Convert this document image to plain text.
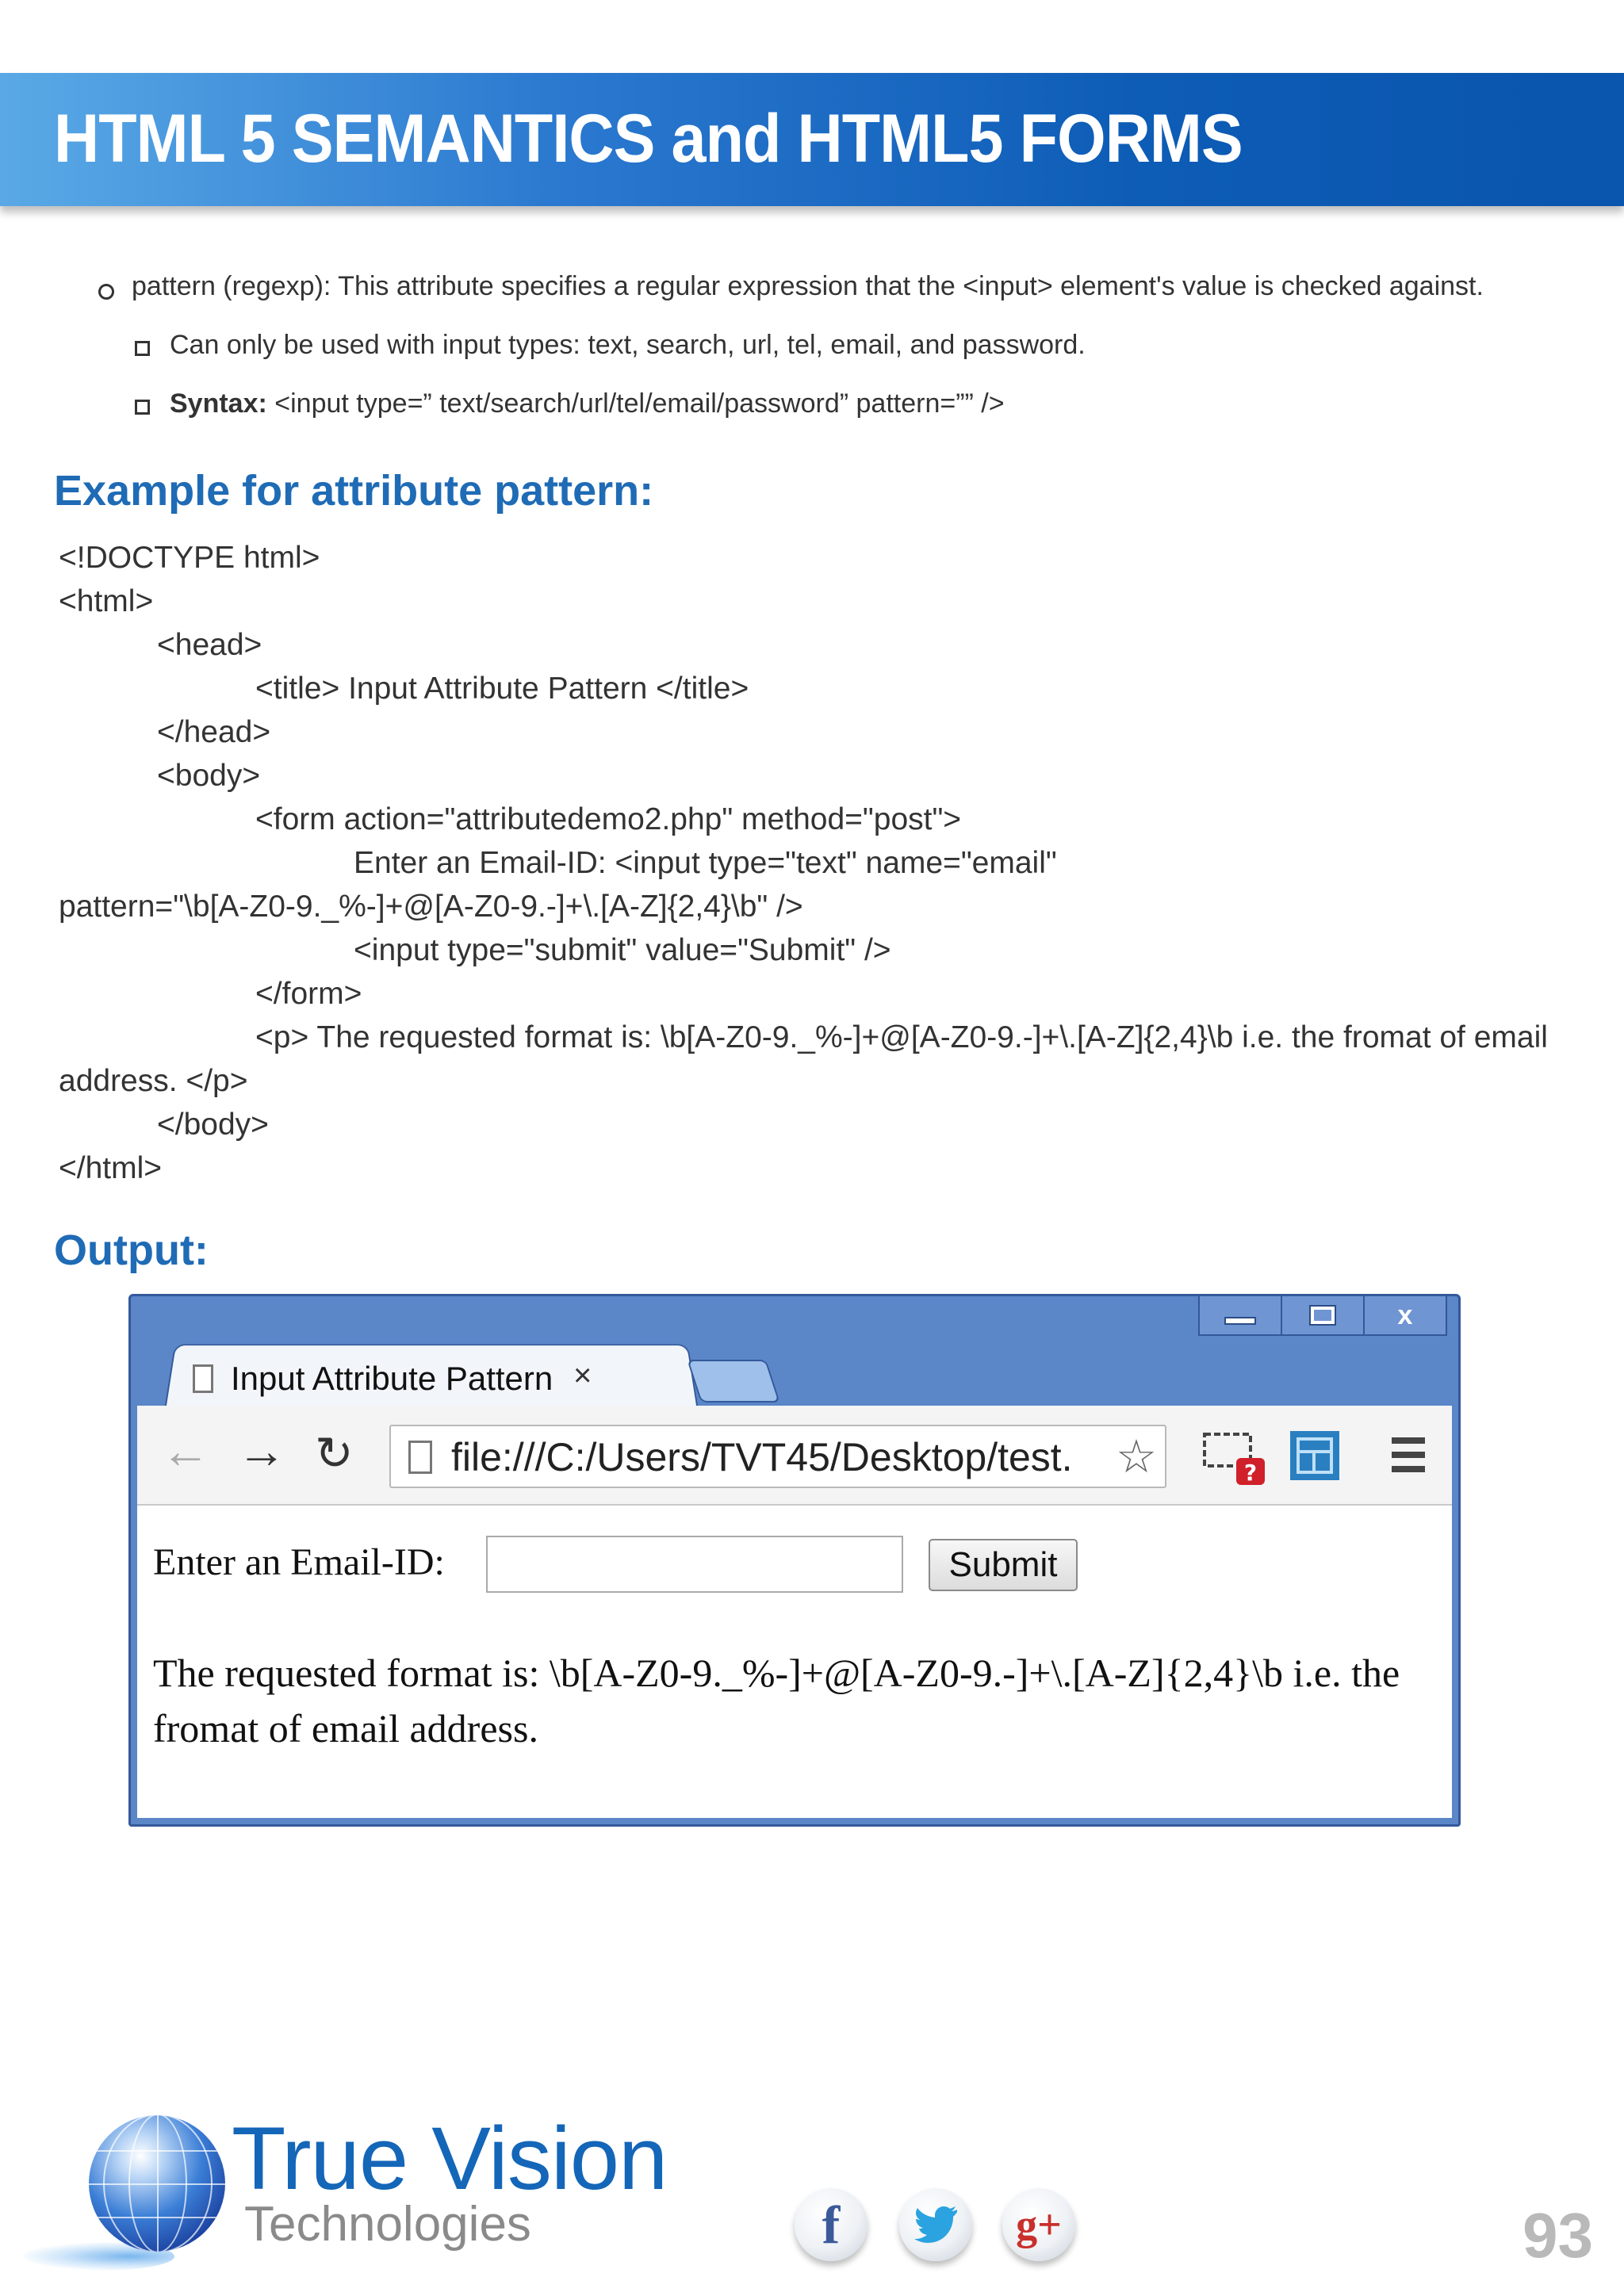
HTML 5 SEMANTICS and HTML5 FORMS
pattern (regexp): This attribute specifies a regular expression that the <input> element's value is checked against.
Can only be used with input types: text, search, url, tel, email, and password.
Syntax: <input type=” text/search/url/tel/email/password” pattern=”” />
Example for attribute pattern:
<!DOCTYPE html>
<html>
<head>
<title> Input Attribute Pattern </title>
</head>
<body>
<form action="attributedemo2.php" method="post">
Enter an Email-ID: <input type="text" name="email"
pattern="\b[A-Z0-9._%-]+@[A-Z0-9.-]+\.[A-Z]{2,4}\b" />
<input type="submit" value="Submit" />
</form>
<p> The requested format is: \b[A-Z0-9._%-]+@[A-Z0-9.-]+\.[A-Z]{2,4}\b i.e. the fromat of email
address. </p>
</body>
</html>
Output:
x
Input Attribute Pattern ×
← → ↻ file:///C:/Users/TVT45/Desktop/test. ☆	?
Enter an Email-ID:	Submit
The requested format is: \b[A-Z0-9._%-]+@[A-Z0-9.-]+\.[A-Z]{2,4}\b i.e. the fromat of email address.
True Vision
Technologies	f	g+	93
